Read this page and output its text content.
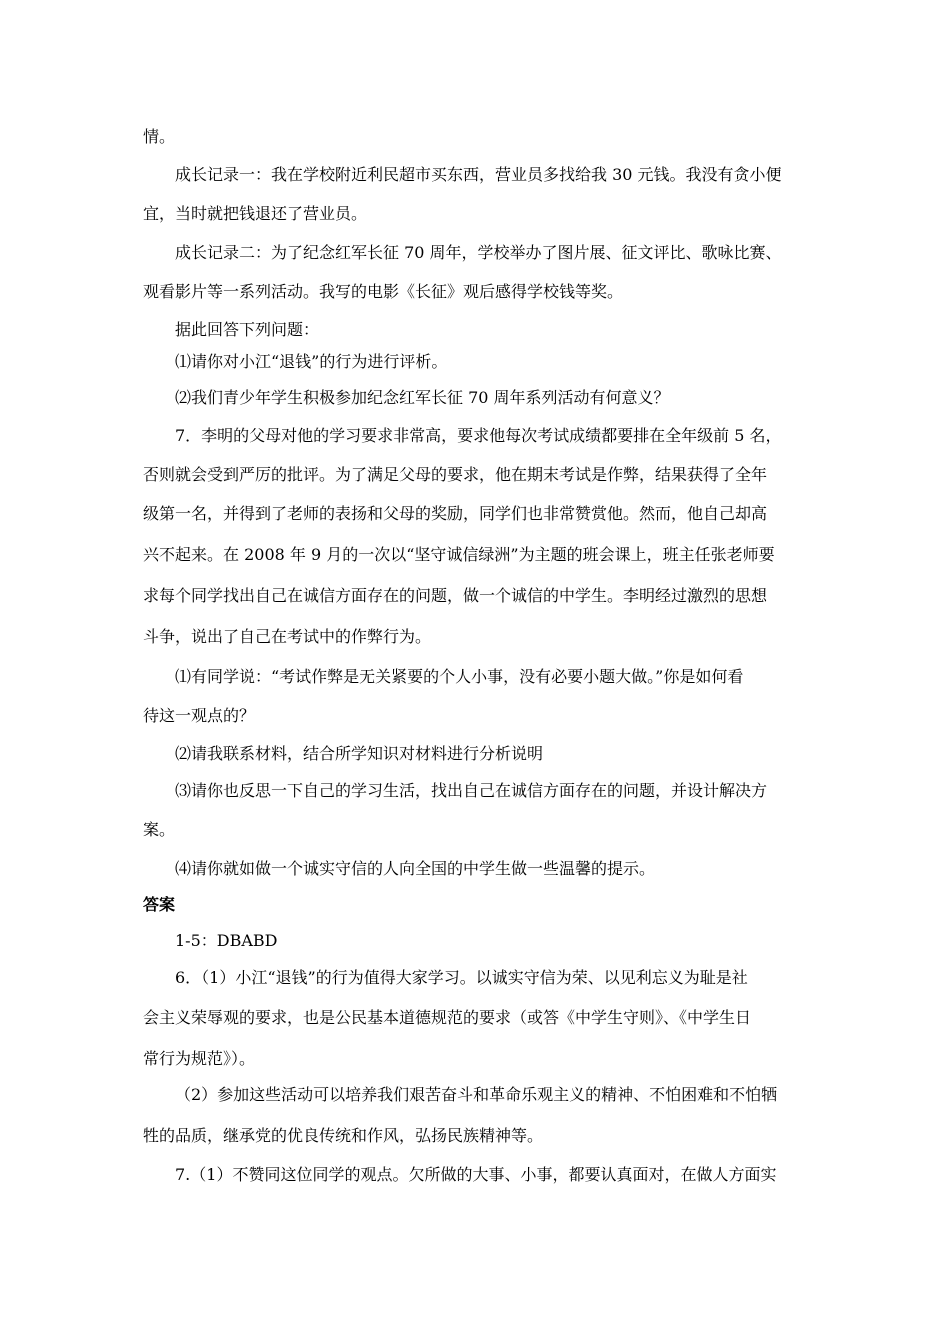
情。
成长记录一：我在学校附近利民超市买东西，营业员多找给我 30 元钱。我没有贪小便
宜，当时就把钱退还了营业员。
成长记录二：为了纪念红军长征 70 周年，学校举办了图片展、征文评比、歌咏比赛、
观看影片等一系列活动。我写的电影《长征》观后感得学校钱等奖。
据此回答下列问题：
⑴请你对小江“退钱”的行为进行评析。
⑵我们青少年学生积极参加纪念红军长征 70 周年系列活动有何意义？
7．李明的父母对他的学习要求非常高，要求他每次考试成绩都要排在全年级前 5 名，
否则就会受到严厉的批评。为了满足父母的要求，他在期末考试是作弊，结果获得了全年
级第一名，并得到了老师的表扬和父母的奖励，同学们也非常赞赏他。然而，他自己却高
兴不起来。在 2008 年 9 月的一次以“坚守诚信绿洲”为主题的班会课上，班主任张老师要
求每个同学找出自己在诚信方面存在的问题，做一个诚信的中学生。李明经过激烈的思想
斗争，说出了自己在考试中的作弊行为。
⑴有同学说：“考试作弊是无关紧要的个人小事，没有必要小题大做。”你是如何看
待这一观点的？
⑵请我联系材料，结合所学知识对材料进行分析说明
⑶请你也反思一下自己的学习生活，找出自己在诚信方面存在的问题，并设计解决方
案。
⑷请你就如做一个诚实守信的人向全国的中学生做一些温馨的提示。
答案
1-5：DBABD
6．（1）小江“退钱”的行为值得大家学习。以诚实守信为荣、以见利忘义为耻是社
会主义荣辱观的要求，也是公民基本道德规范的要求（或答《中学生守则》、《中学生日
常行为规范》）。
（2）参加这些活动可以培养我们艰苦奋斗和革命乐观主义的精神、不怕困难和不怕牺
牲的品质，继承党的优良传统和作风，弘扬民族精神等。
7.（1）不赞同这位同学的观点。欠所做的大事、小事，都要认真面对，在做人方面实
